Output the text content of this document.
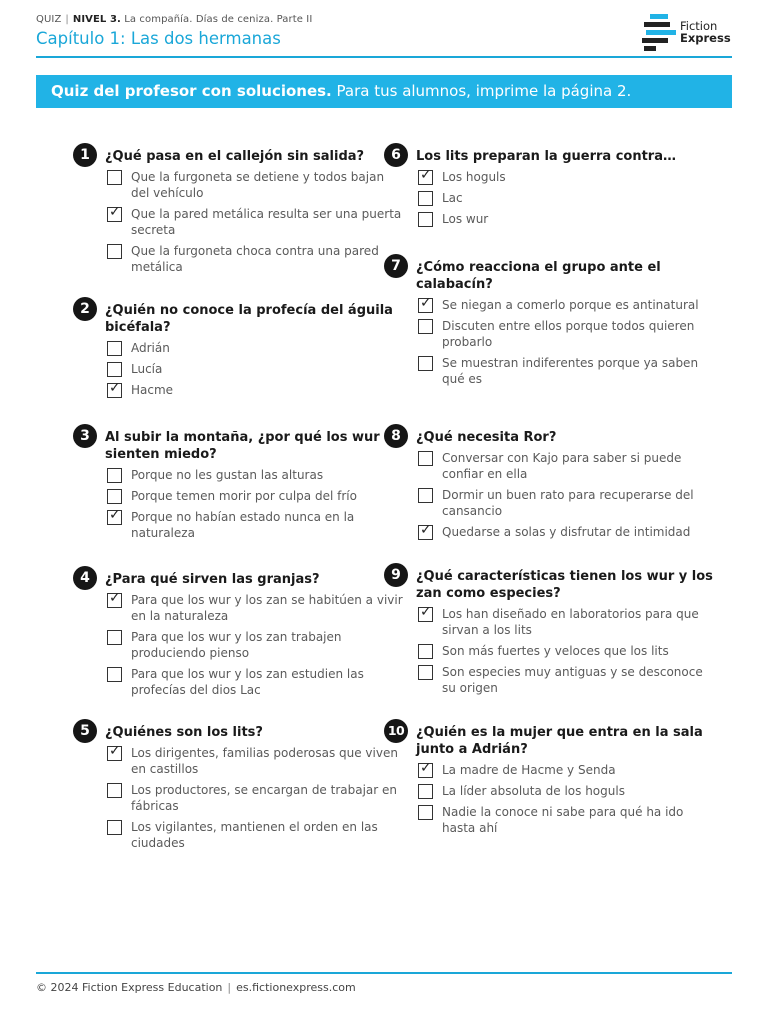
QUIZ | NIVEL 3. La compañía. Días de ceniza. Parte II
Capítulo 1: Las dos hermanas
Fiction
Express
Quiz del profesor con soluciones. Para tus alumnos, imprime la página 2.
1	¿Qué pasa en el callejón sin salida?
Que la furgoneta se detiene y todos bajan del vehículo
✓ Que la pared metálica resulta ser una puerta secreta
Que la furgoneta choca contra una pared metálica
2	¿Quién no conoce la profecía del águila bicéfala?
Adrián
Lucía
✓ Hacme
3	Al subir la montaña, ¿por qué los wur sienten miedo?
Porque no les gustan las alturas
Porque temen morir por culpa del frío
✓ Porque no habían estado nunca en la naturaleza
4	¿Para qué sirven las granjas?
✓ Para que los wur y los zan se habitúen a vivir en la naturaleza
Para que los wur y los zan trabajen produciendo pienso
Para que los wur y los zan estudien las profecías del dios Lac
5	¿Quiénes son los lits?
✓ Los dirigentes, familias poderosas que viven en castillos
Los productores, se encargan de trabajar en fábricas
Los vigilantes, mantienen el orden en las ciudades
6	Los lits preparan la guerra contra…
✓ Los hoguls
Lac
Los wur
7	¿Cómo reacciona el grupo ante el calabacín?
✓ Se niegan a comerlo porque es antinatural
Discuten entre ellos porque todos quieren probarlo
Se muestran indiferentes porque ya saben qué es
8	¿Qué necesita Ror?
Conversar con Kajo para saber si puede confiar en ella
Dormir un buen rato para recuperarse del cansancio
✓ Quedarse a solas y disfrutar de intimidad
9	¿Qué características tienen los wur y los zan como especies?
✓ Los han diseñado en laboratorios para que sirvan a los lits
Son más fuertes y veloces que los lits
Son especies muy antiguas y se desconoce su origen
10 ¿Quién es la mujer que entra en la sala junto a Adrián?
✓ La madre de Hacme y Senda
La líder absoluta de los hoguls
Nadie la conoce ni sabe para qué ha ido hasta ahí
© 2024 Fiction Express Education | es.fictionexpress.com
